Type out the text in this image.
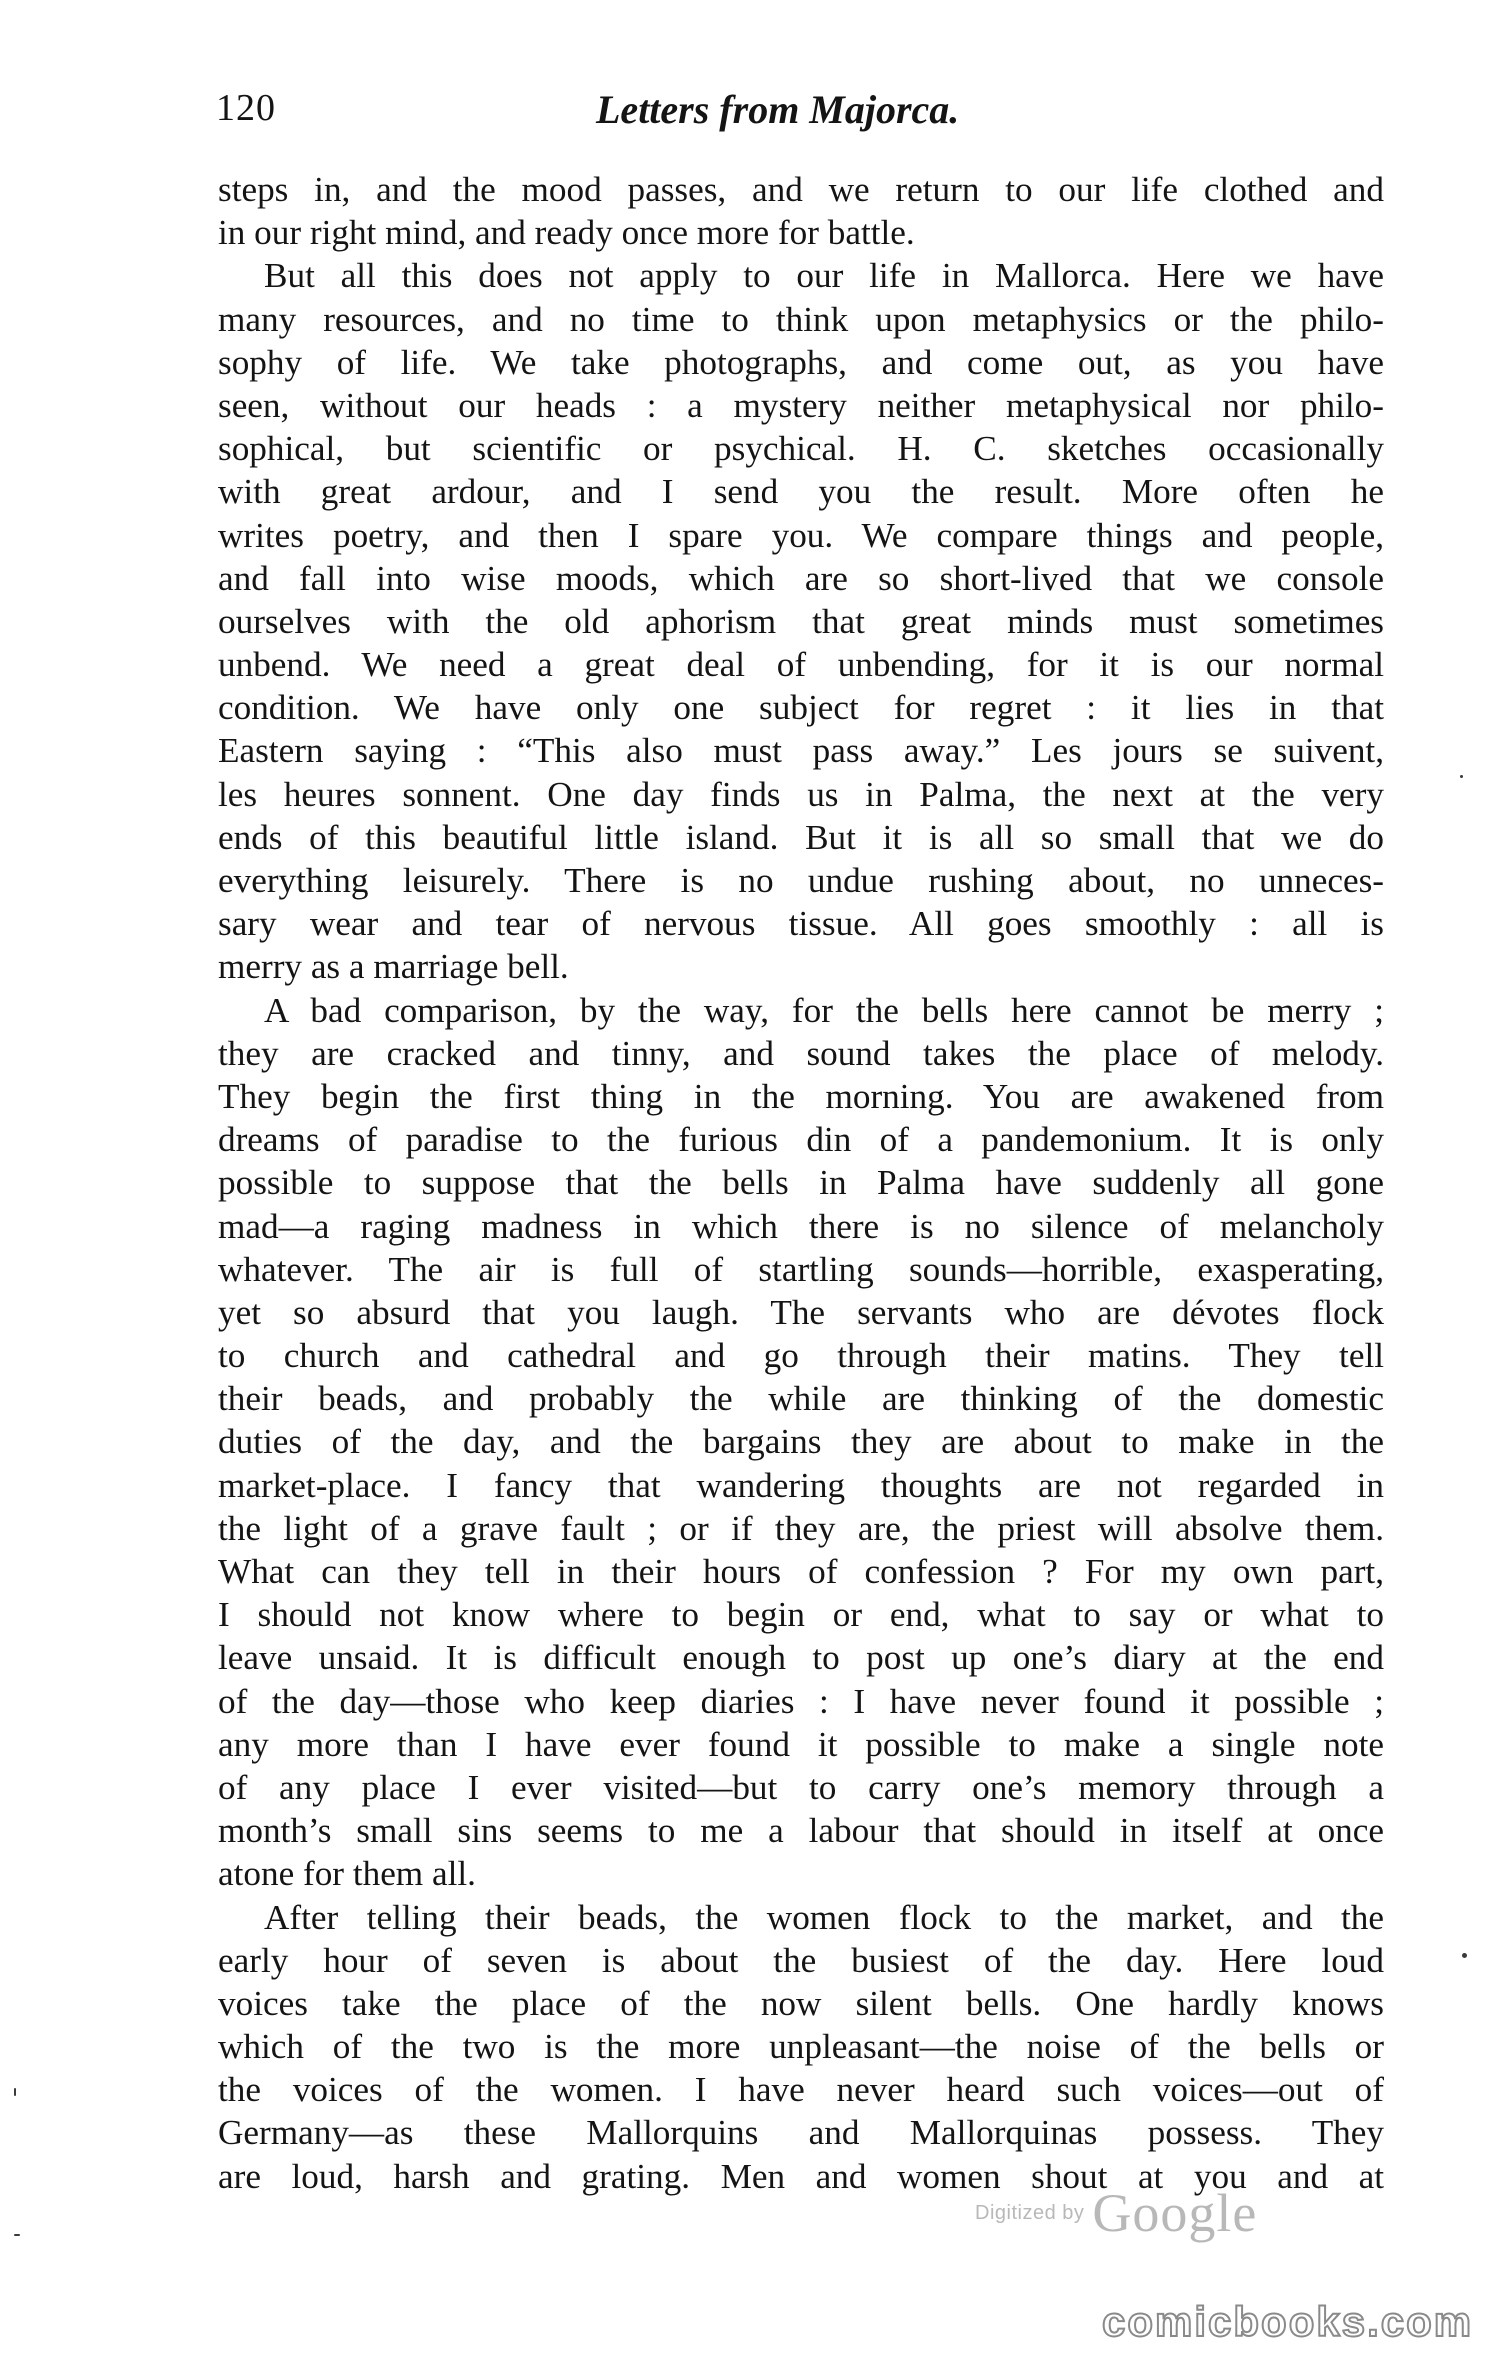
120	Letters from Majorca.
steps in, and the mood passes, and we return to our life clothed and
in our right mind, and ready once more for battle.
But all this does not apply to our life in Mallorca. Here we have
many resources, and no time to think upon metaphysics or the philo-
sophy of life. We take photographs, and come out, as you have
seen, without our heads : a mystery neither metaphysical nor philo-
sophical, but scientific or psychical. H. C. sketches occasionally
with great ardour, and I send you the result. More often he
writes poetry, and then I spare you. We compare things and people,
and fall into wise moods, which are so short-lived that we console
ourselves with the old aphorism that great minds must sometimes
unbend. We need a great deal of unbending, for it is our normal
condition. We have only one subject for regret : it lies in that
Eastern saying : “This also must pass away.” Les jours se suivent,
les heures sonnent. One day finds us in Palma, the next at the very
ends of this beautiful little island. But it is all so small that we do
everything leisurely. There is no undue rushing about, no unneces-
sary wear and tear of nervous tissue. All goes smoothly : all is
merry as a marriage bell.
A bad comparison, by the way, for the bells here cannot be merry ;
they are cracked and tinny, and sound takes the place of melody.
They begin the first thing in the morning. You are awakened from
dreams of paradise to the furious din of a pandemonium. It is only
possible to suppose that the bells in Palma have suddenly all gone
mad—a raging madness in which there is no silence of melancholy
whatever. The air is full of startling sounds—horrible, exasperating,
yet so absurd that you laugh. The servants who are dévotes flock
to church and cathedral and go through their matins. They tell
their beads, and probably the while are thinking of the domestic
duties of the day, and the bargains they are about to make in the
market-place. I fancy that wandering thoughts are not regarded in
the light of a grave fault ; or if they are, the priest will absolve them.
What can they tell in their hours of confession ? For my own part,
I should not know where to begin or end, what to say or what to
leave unsaid. It is difficult enough to post up one’s diary at the end
of the day—those who keep diaries : I have never found it possible ;
any more than I have ever found it possible to make a single note
of any place I ever visited—but to carry one’s memory through a
month’s small sins seems to me a labour that should in itself at once
atone for them all.
After telling their beads, the women flock to the market, and the
early hour of seven is about the busiest of the day. Here loud
voices take the place of the now silent bells. One hardly knows
which of the two is the more unpleasant—the noise of the bells or
the voices of the women. I have never heard such voices—out of
Germany—as these Mallorquins and Mallorquinas possess. They
are loud, harsh and grating. Men and women shout at you and at
Digitized by Google
comicbooks.com
